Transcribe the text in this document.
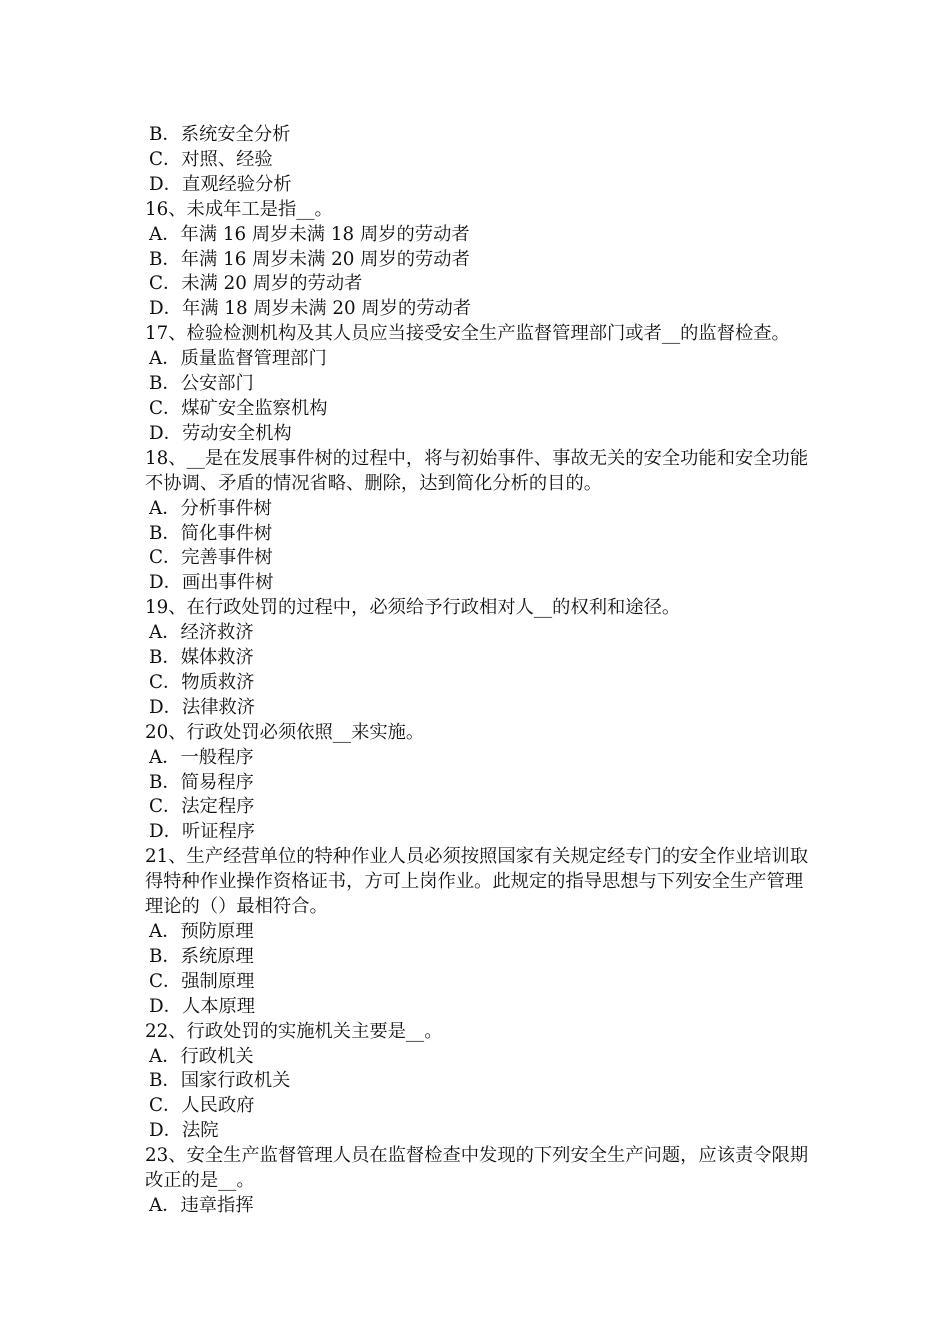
B．系统安全分析
C．对照、经验
D．直观经验分析
16、未成年工是指__。
A．年满 16 周岁未满 18 周岁的劳动者
B．年满 16 周岁未满 20 周岁的劳动者
C．未满 20 周岁的劳动者
D．年满 18 周岁未满 20 周岁的劳动者
17、检验检测机构及其人员应当接受安全生产监督管理部门或者__的监督检查。
A．质量监督管理部门
B．公安部门
C．煤矿安全监察机构
D．劳动安全机构
18、__是在发展事件树的过程中，将与初始事件、事故无关的安全功能和安全功能不协调、矛盾的情况省略、删除，达到简化分析的目的。
A．分析事件树
B．简化事件树
C．完善事件树
D．画出事件树
19、在行政处罚的过程中，必须给予行政相对人__的权利和途径。
A．经济救济
B．媒体救济
C．物质救济
D．法律救济
20、行政处罚必须依照__来实施。
A．一般程序
B．简易程序
C．法定程序
D．听证程序
21、生产经营单位的特种作业人员必须按照国家有关规定经专门的安全作业培训取得特种作业操作资格证书，方可上岗作业。此规定的指导思想与下列安全生产管理理论的（）最相符合。
A．预防原理
B．系统原理
C．强制原理
D．人本原理
22、行政处罚的实施机关主要是__。
A．行政机关
B．国家行政机关
C．人民政府
D．法院
23、安全生产监督管理人员在监督检查中发现的下列安全生产问题，应该责令限期改正的是__。
A．违章指挥
